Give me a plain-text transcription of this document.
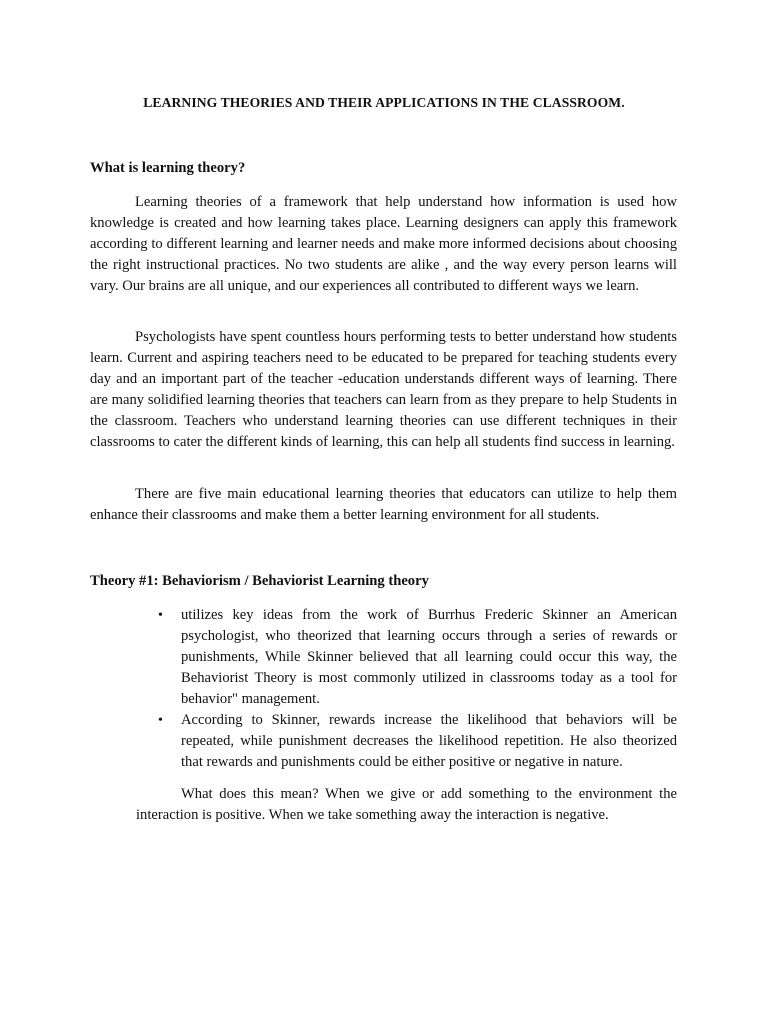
LEARNING THEORIES AND THEIR APPLICATIONS IN THE CLASSROOM.
What is learning theory?

Learning theories of a framework that help understand how information is used how knowledge is created and how learning takes place. Learning designers can apply this framework according to different learning and learner needs and make more informed decisions about choosing the right instructional practices. No two students are alike , and the way every person learns will vary. Our brains are all unique, and our experiences all contributed to different ways we learn.

Psychologists have spent countless hours performing tests to better understand how students learn. Current and aspiring teachers need to be educated to be prepared for teaching students every day and an important part of the teacher -education understands different ways of learning. There are many solidified learning theories that teachers can learn from as they prepare to help Students in the classroom. Teachers who understand learning theories can use different techniques in their classrooms to cater the different kinds of learning, this can help all students find success in learning.

There are five main educational learning theories that educators can utilize to help them enhance their classrooms and make them a better learning environment for all students.

Theory #1: Behaviorism / Behaviorist Learning theory
• utilizes key ideas from the work of Burrhus Frederic Skinner an American psychologist, who theorized that learning occurs through a series of rewards or punishments, While Skinner believed that all learning could occur this way, the Behaviorist Theory is most commonly utilized in classrooms today as a tool for behavior" management.
• According to Skinner, rewards increase the likelihood that behaviors will be repeated, while punishment decreases the likelihood repetition. He also theorized that rewards and punishments could be either positive or negative in nature.

What does this mean? When we give or add something to the environment the interaction is positive. When we take something away the interaction is negative.
